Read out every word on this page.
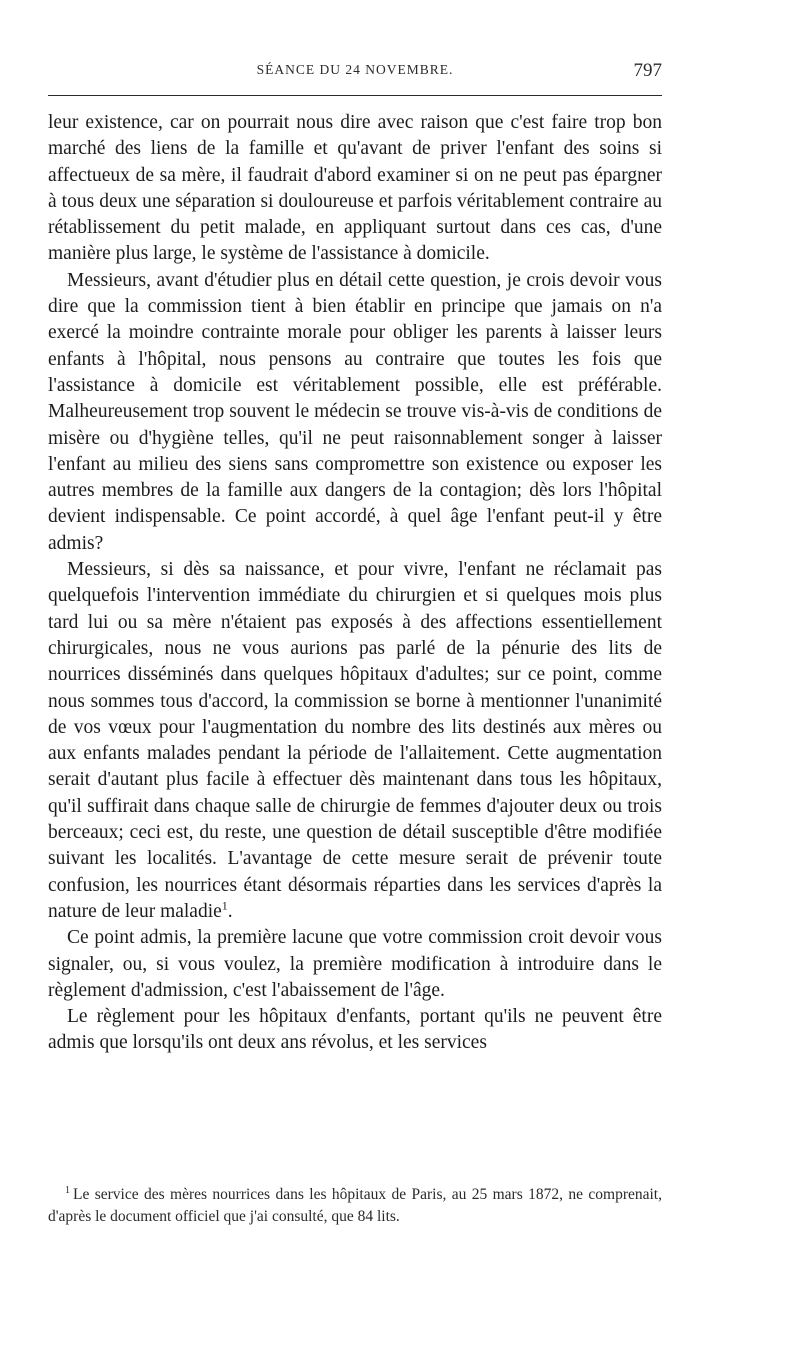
SÉANCE DU 24 NOVEMBRE.	797

leur existence, car on pourrait nous dire avec raison que c'est faire trop bon marché des liens de la famille et qu'avant de priver l'enfant des soins si affectueux de sa mère, il faudrait d'abord examiner si on ne peut pas épargner à tous deux une séparation si douloureuse et parfois véritablement contraire au rétablissement du petit malade, en appliquant surtout dans ces cas, d'une manière plus large, le système de l'assistance à domicile.

Messieurs, avant d'étudier plus en détail cette question, je crois devoir vous dire que la commission tient à bien établir en principe que jamais on n'a exercé la moindre contrainte morale pour obliger les parents à laisser leurs enfants à l'hôpital, nous pensons au contraire que toutes les fois que l'assistance à domicile est véritablement possible, elle est préférable. Malheureusement trop souvent le médecin se trouve vis-à-vis de conditions de misère ou d'hygiène telles, qu'il ne peut raisonnablement songer à laisser l'enfant au milieu des siens sans compromettre son existence ou exposer les autres membres de la famille aux dangers de la contagion; dès lors l'hôpital devient indispensable. Ce point accordé, à quel âge l'enfant peut-il y être admis?

Messieurs, si dès sa naissance, et pour vivre, l'enfant ne réclamait pas quelquefois l'intervention immédiate du chirurgien et si quelques mois plus tard lui ou sa mère n'étaient pas exposés à des affections essentiellement chirurgicales, nous ne vous aurions pas parlé de la pénurie des lits de nourrices disséminés dans quelques hôpitaux d'adultes; sur ce point, comme nous sommes tous d'accord, la commission se borne à mentionner l'unanimité de vos vœux pour l'augmentation du nombre des lits destinés aux mères ou aux enfants malades pendant la période de l'allaitement. Cette augmentation serait d'autant plus facile à effectuer dès maintenant dans tous les hôpitaux, qu'il suffirait dans chaque salle de chirurgie de femmes d'ajouter deux ou trois berceaux; ceci est, du reste, une question de détail susceptible d'être modifiée suivant les localités. L'avantage de cette mesure serait de prévenir toute confusion, les nourrices étant désormais réparties dans les services d'après la nature de leur maladie$^1$.

Ce point admis, la première lacune que votre commission croit devoir vous signaler, ou, si vous voulez, la première modification à introduire dans le règlement d'admission, c'est l'abaissement de l'âge.

Le règlement pour les hôpitaux d'enfants, portant qu'ils ne peuvent être admis que lorsqu'ils ont deux ans révolus, et les services

$^1$ Le service des mères nourrices dans les hôpitaux de Paris, au 25 mars 1872, ne comprenait, d'après le document officiel que j'ai consulté, que 84 lits.
